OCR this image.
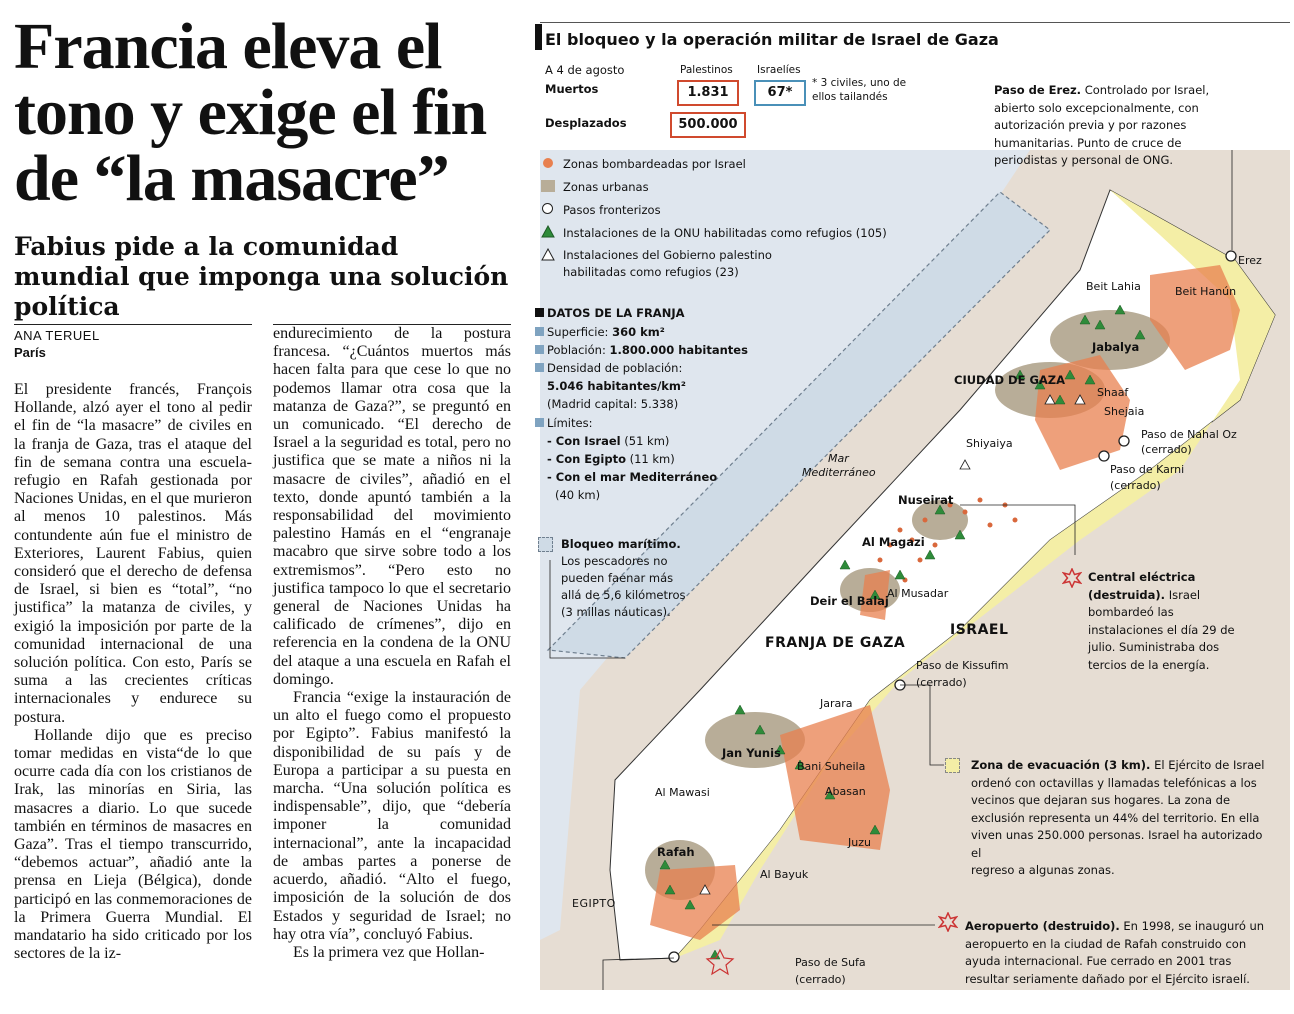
Francia eleva el tono y exige el fin de “la masacre”
Fabius pide a la comunidad mundial que imponga una solución política
ANA TERUEL
París

El presidente francés, François Hollande, alzó ayer el tono al pedir el fin de “la masacre” de civiles en la franja de Gaza, tras el ataque del fin de semana contra una escuela-refugio en Rafah gestionada por Naciones Unidas, en el que murieron al menos 10 palestinos. Más contundente aún fue el ministro de Exteriores, Laurent Fabius, quien consideró que el derecho de defensa de Israel, si bien es “total”, “no justifica” la matanza de civiles, y exigió la imposición por parte de la comunidad internacional de una solución política. Con esto, París se suma a las crecientes críticas internacionales y endurece su postura.

Hollande dijo que es preciso tomar medidas en vista“de lo que ocurre cada día con los cristianos de Irak, las minorías en Siria, las masacres a diario. Lo que sucede también en términos de masacres en Gaza”. Tras el tiempo transcurrido, “debemos actuar”, añadió ante la prensa en Lieja (Bélgica), donde participó en las conmemoraciones de la Primera Guerra Mundial. El mandatario ha sido criticado por los sectores de la iz-

endurecimiento de la postura francesa. “¿Cuántos muertos más hacen falta para que cese lo que no podemos llamar otra cosa que la matanza de Gaza?”, se preguntó en un comunicado. “El derecho de Israel a la seguridad es total, pero no justifica que se mate a niños ni la masacre de civiles”, añadió en el texto, donde apuntó también a la responsabilidad del movimiento palestino Hamás en el “engranaje macabro que sirve sobre todo a los extremismos”. “Pero esto no justifica tampoco lo que el secretario general de Naciones Unidas ha calificado de crímenes”, dijo en referencia en la condena de la ONU del ataque a una escuela en Rafah el domingo.

Francia “exige la instauración de un alto el fuego como el propuesto por Egipto”. Fabius manifestó la disponibilidad de su país y de Europa a participar a su puesta en marcha. “Una solución política es indispensable”, dijo, que “debería imponer la comunidad internacional”, ante la incapacidad de ambas partes a ponerse de acuerdo, añadió. “Alto el fuego, imposición de la solución de dos Estados y seguridad de Israel; no hay otra vía”, concluyó Fabius.

Es la primera vez que Hollan-

El bloqueo y la operación militar de Israel de Gaza
A 4 de agosto	Palestinos Israelíes
Muertos	1.831	67*
* 3 civiles, uno de ellos tailandés
Desplazados	500.000
Zonas bombardeadas por Israel
Zonas urbanas
Pasos fronterizos
Instalaciones de la ONU habilitadas como refugios (105)
Instalaciones del Gobierno palestino
habilitadas como refugios (23)
DATOS DE LA FRANJA
Superficie: 360 km²
Población: 1.800.000 habitantes
Densidad de población:
5.046 habitantes/km²
(Madrid capital: 5.338)
Límites:
- Con Israel (51 km)
- Con Egipto (11 km)
- Con el mar Mediterráneo
(40 km)
Paso de Erez. Controlado por Israel,
abierto solo excepcionalmente, con
autorización previa y por razones
humanitarias. Punto de cruce de
periodistas y personal de ONG.
Bloqueo marítimo.
Los pescadores no
pueden faenar más
allá de 5,6 kilómetros
(3 millas náuticas).
Central eléctrica
(destruida). Israel
bombardeó las
instalaciones el día 29 de
julio. Suministraba dos
tercios de la energía.
Zona de evacuación (3 km). El Ejército de Israel
ordenó con octavillas y llamadas telefónicas a los
vecinos que dejaran sus hogares. La zona de
exclusión representa un 44% del territorio. En ella
viven unas 250.000 personas. Israel ha autorizado el
regreso a algunas zonas.
Aeropuerto (destruido). En 1998, se inauguró un
aeropuerto en la ciudad de Rafah construido con
ayuda internacional. Fue cerrado en 2001 tras
resultar seriamente dañado por el Ejército israelí.
Erez
Beit Lahia	Beit Hanún
Jabalya
CIUDAD DE GAZA
Shaaf
Shejaia
Shiyaiya
Paso de Nahal Oz
(cerrado)
Paso de Karni
(cerrado)
Mar
Mediterráneo
Nuseirat
Al Magazi
Deir el Balaj
Al Musadar
FRANJA DE GAZA
ISRAEL
Paso de Kissufim
(cerrado)
Jarara
Jan Yunis
Bani Suheila
Abasan
Al Mawasi
Juzu
Rafah
Al Bayuk
EGIPTO
Paso de Sufa
(cerrado)
